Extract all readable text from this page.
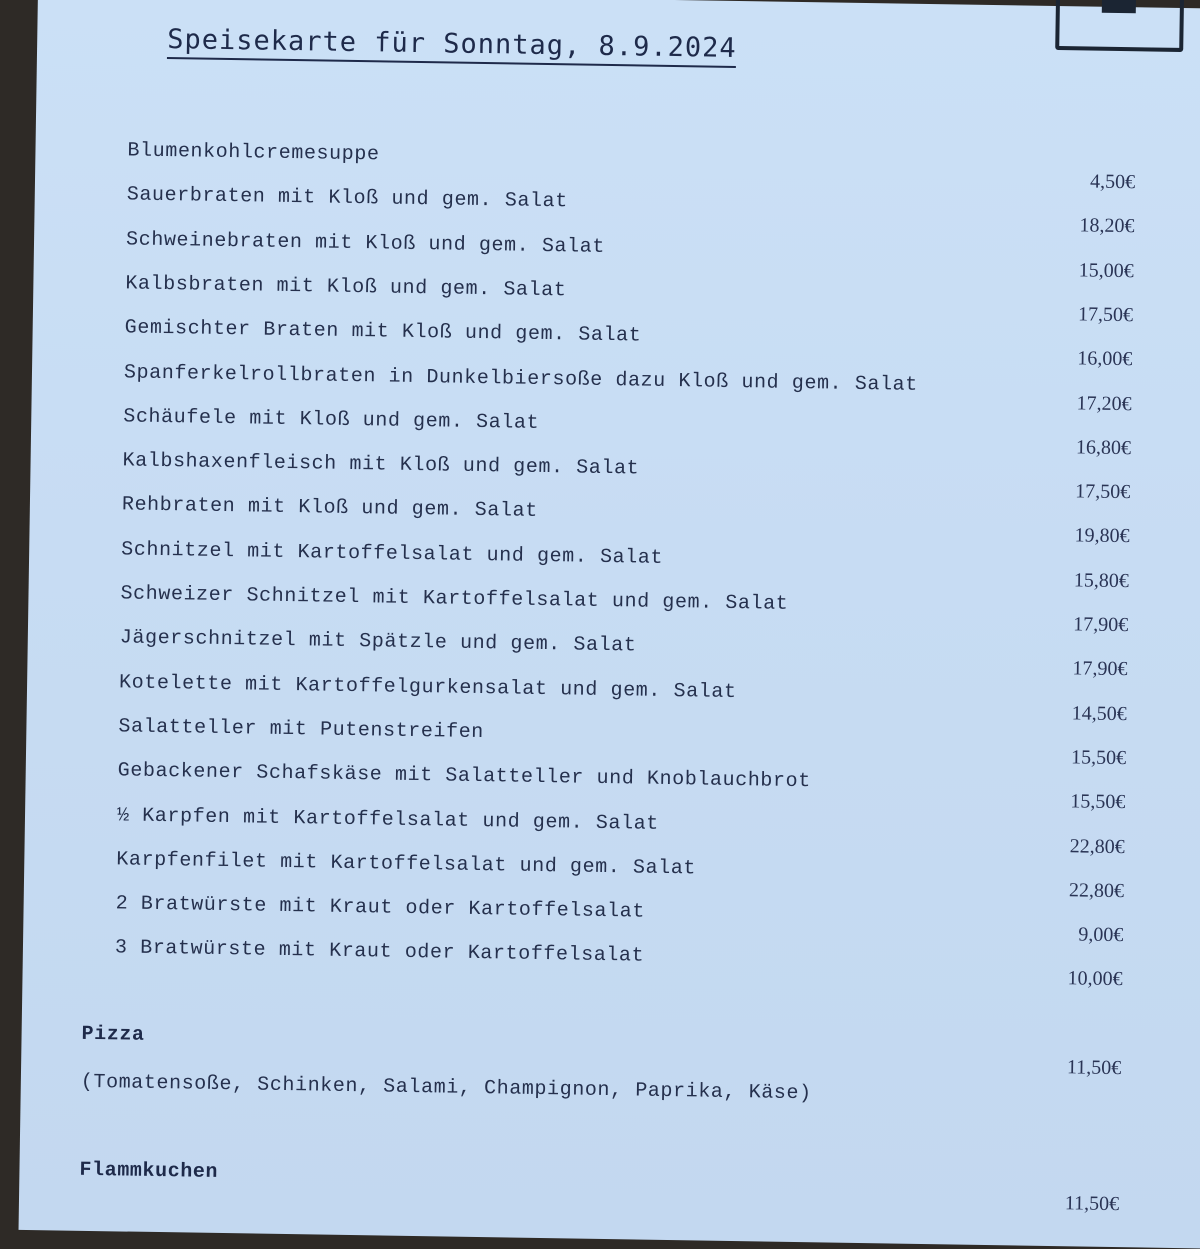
Speisekarte für Sonntag, 8.9.2024
Blumenkohlcremesuppe
4,50€
Sauerbraten mit Kloß und gem. Salat
18,20€
Schweinebraten mit Kloß und gem. Salat
15,00€
Kalbsbraten mit Kloß und gem. Salat
17,50€
Gemischter Braten mit Kloß und gem. Salat
16,00€
Spanferkelrollbraten in Dunkelbiersoße dazu Kloß und gem. Salat
17,20€
Schäufele mit Kloß und gem. Salat
16,80€
Kalbshaxenfleisch mit Kloß und gem. Salat
17,50€
Rehbraten mit Kloß und gem. Salat
19,80€
Schnitzel mit Kartoffelsalat und gem. Salat
15,80€
Schweizer Schnitzel mit Kartoffelsalat und gem. Salat
17,90€
Jägerschnitzel mit Spätzle und gem. Salat
17,90€
Kotelette mit Kartoffelgurkensalat und gem. Salat
14,50€
Salatteller mit Putenstreifen
15,50€
Gebackener Schafskäse mit Salatteller und Knoblauchbrot
15,50€
½ Karpfen mit Kartoffelsalat und gem. Salat
22,80€
Karpfenfilet mit Kartoffelsalat und gem. Salat
22,80€
2 Bratwürste mit Kraut oder Kartoffelsalat
9,00€
3 Bratwürste mit Kraut oder Kartoffelsalat
10,00€
Pizza
11,50€
(Tomatensoße, Schinken, Salami, Champignon, Paprika, Käse)
Flammkuchen
11,50€
